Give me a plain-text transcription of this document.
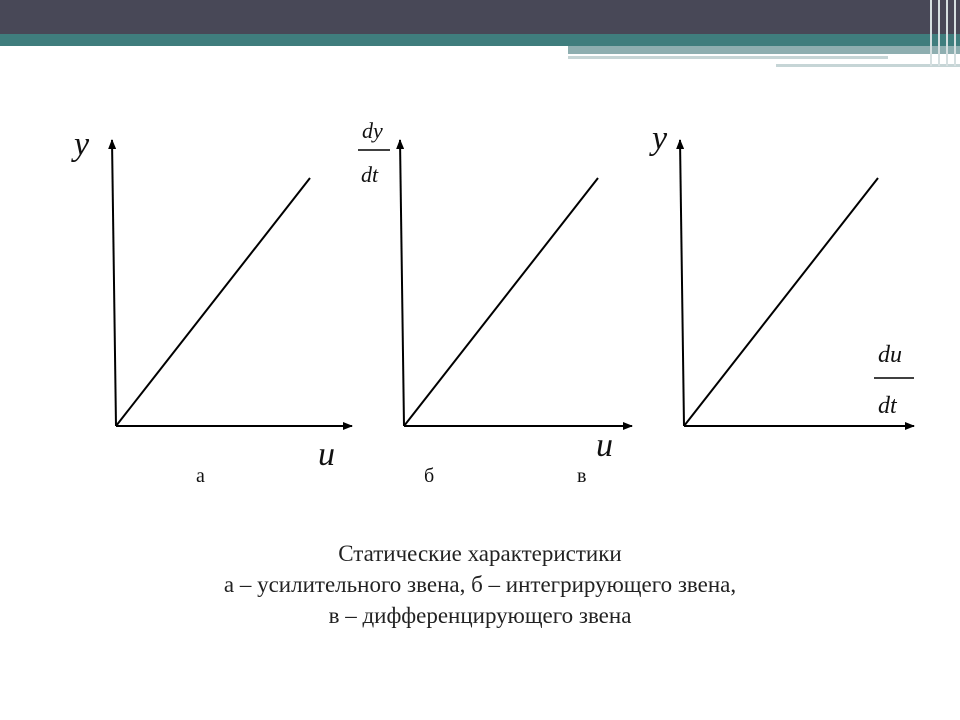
y
u
а
dy
dt
u
б
y
du
dt
в
Статические характеристики
а – усилительного звена, б – интегрирующего звена,
в – дифференцирующего звена
